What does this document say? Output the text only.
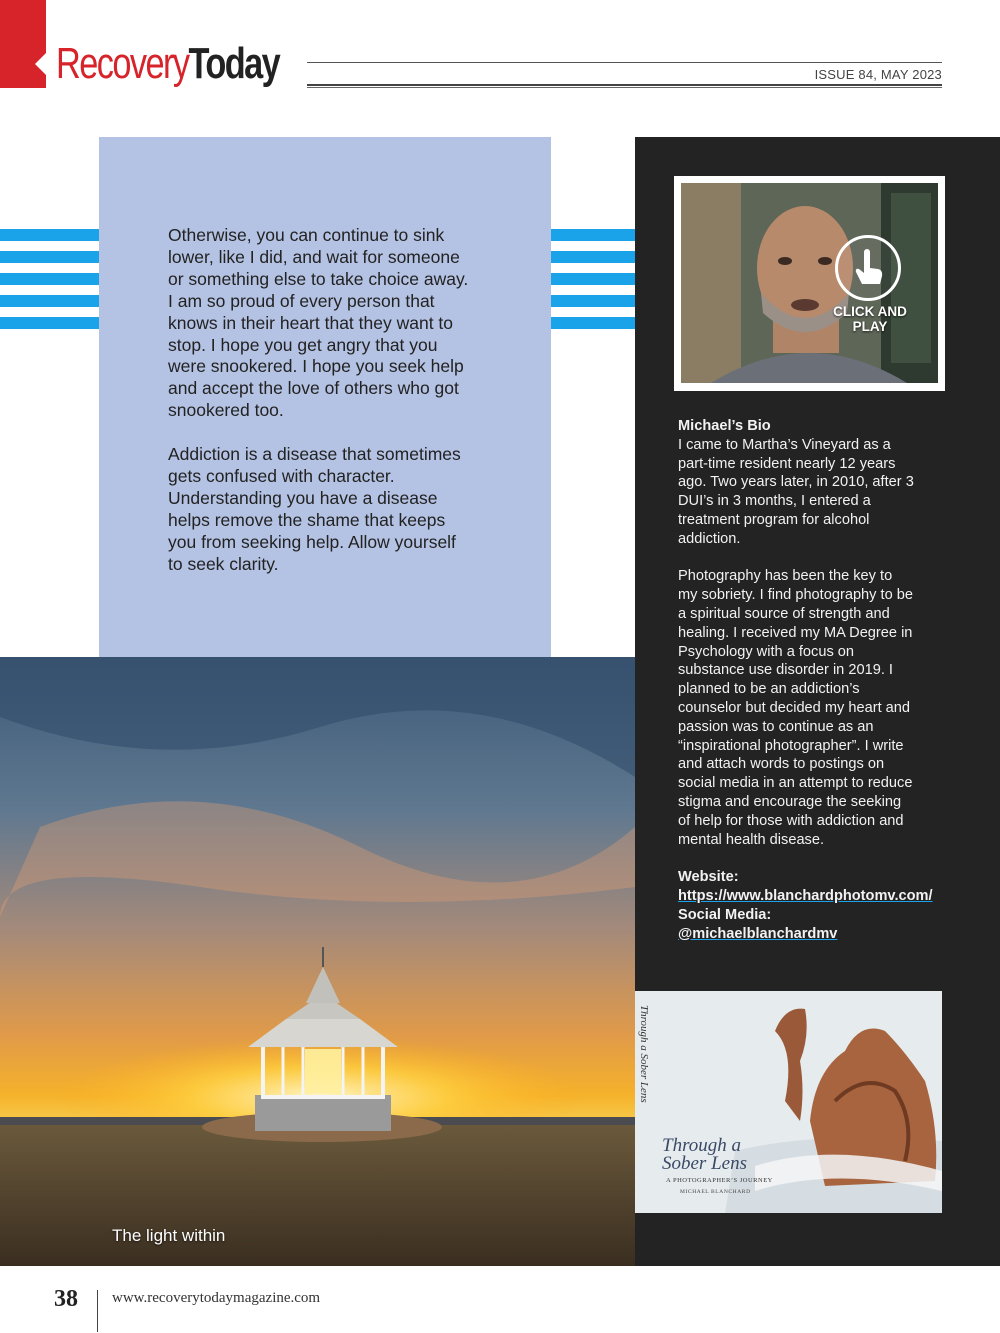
RecoveryToday	ISSUE 84, MAY 2023

Otherwise, you can continue to sink lower, like I did, and wait for someone or something else to take choice away. I am so proud of every person that knows in their heart that they want to stop. I hope you get angry that you were snookered. I hope you seek help and accept the love of others who got snookered too.

Addiction is a disease that sometimes gets confused with character. Understanding you have a disease helps remove the shame that keeps you from seeking help. Allow yourself to seek clarity.

The light within
CLICK AND
PLAY
Michael’s Bio

I came to Martha’s Vineyard as a part-time resident nearly 12 years ago. Two years later, in 2010, after 3 DUI’s in 3 months, I entered a treatment program for alcohol addiction.

Photography has been the key to my sobriety. I find photography to be a spiritual source of strength and healing. I received my MA Degree in Psychology with a focus on substance use disorder in 2019. I planned to be an addiction’s counselor but decided my heart and passion was to continue as an “inspirational photographer”. I write and attach words to postings on social media in an attempt to reduce stigma and encourage the seeking of help for those with addiction and mental health disease.

Website: https://www.blanchardphotomv.com/
Social Media:
@michaelblanchardmv
Through a Sober Lens
Through a
Sober Lens
A PHOTOGRAPHER’S JOURNEY
MICHAEL BLANCHARD
38 www.recoverytodaymagazine.com
